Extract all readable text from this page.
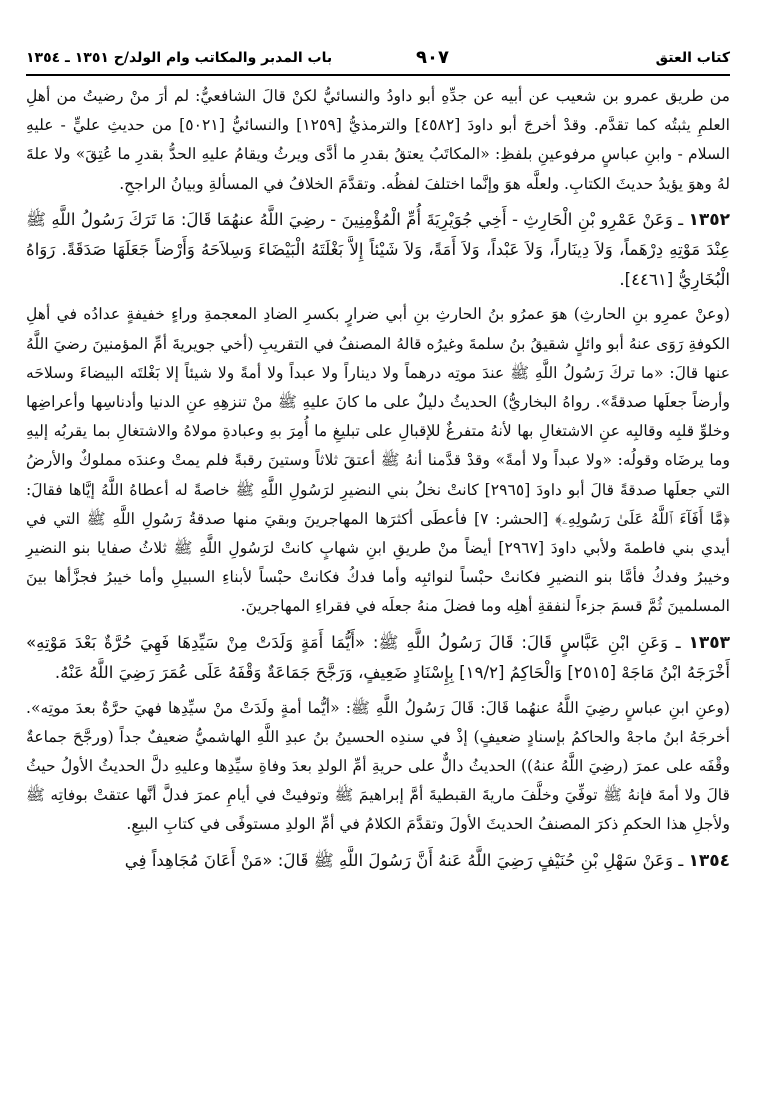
كتاب العتق
٩٠٧
باب المدبر والمكاتب وام الولد/ح ١٣٥١ ـ ١٣٥٤

من طريق عمرو بن شعيب عن أبيه عن جدِّهِ أبو داودُ والنسائيُّ لكنْ قالَ الشافعيُّ: لم أرَ منْ رضيتُ من أهلِ العلمِ يثبتُه كما تقدَّم. وقدْ أخرجَ أبو داودَ [٤٥٨٢] والترمذيُّ [١٢٥٩] والنسائيُّ [٥٠٢١] من حديثِ عليٍّ - عليهِ السلام - وابنِ عباسٍ مرفوعينِ بلفظِ: «المكاتَبُ يعتقُ بقدرِ ما أدَّى ويرثُ ويقامُ عليهِ الحدُّ بقدرِ ما عُتِقَ» ولا علةَ لهُ وهوَ يؤيدُ حديثَ الكتابِ. ولعلَّه هوَ وإنَّما اختلفَ لفظُه. وتقدَّمَ الخلافُ في المسألةِ وبيانُ الراجحِ.

١٣٥٢ ـ وَعَنْ عَمْرِو بْنِ الْحَارِثِ - أَخِي جُوَيْرِيَةَ أُمِّ الْمُؤْمِنِينَ - رضِيَ اللَّهُ عنهُمَا قَالَ: مَا تَرَكَ رَسُولُ اللَّهِ ﷺ عِنْدَ مَوْتِهِ دِرْهَماً، وَلاَ دِينَاراً، وَلاَ عَبْداً، وَلاَ أَمَةً، وَلاَ شَيْئاً إِلاَّ بَغْلَتَهُ الْبَيْضَاءَ وَسِلاَحَهُ وَأَرْضاً جَعَلَهَا صَدَقَةً. رَوَاهُ الْبُخَارِيُّ [٤٤٦١].

(وعنْ عمرِو بنِ الحارثِ) هوَ عمرُو بنُ الحارثِ بنِ أبي ضرارٍ بكسرِ الضادِ المعجمةِ وراءٍ خفيفةٍ عدادُه في أهلِ الكوفةِ رَوَى عنهُ أبو وائلٍ شقيقُ بنُ سلمةَ وغيرُه قالهُ المصنفُ في التقريبِ (أخي جويريةَ أمِّ المؤمنينَ رضيَ اللَّهُ عنها قالَ: «ما تركَ رَسُولُ اللَّهِ ﷺ عندَ موتِه درهماً ولا ديناراً ولا عبداً ولا أمةً ولا شيئاً إلا بَغْلتَه البيضاءَ وسلاحَه وأرضاً جعلَها صدقةً». رواهُ البخاريُّ) الحديثُ دليلٌ على ما كانَ عليهِ ﷺ منْ تنزهِهِ عنِ الدنيا وأدناسِها وأعراضِها وخلوِّ قلبِه وقالبِه عنِ الاشتغالِ بها لأنهُ متفرغٌ للإقبالِ على تبليغِ ما أُمِرَ بهِ وعبادةِ مولاهُ والاشتغالِ بما يقربُه إليهِ وما يرضَاه وقولُه: «ولا عبداً ولا أمةً» وقدْ قدَّمنا أنهُ ﷺ أعتقَ ثلاثاً وستينَ رقبةً فلم يمتْ وعندَه مملوكٌ والأرضُ التي جعلَها صدقةً قالَ أبو داودَ [٢٩٦٥] كانتْ نخلُ بني النضيرِ لرَسُولِ اللَّهِ ﷺ خاصةً له أعطاهُ اللَّهُ إيَّاها فقالَ: ﴿مَّا أَفَآءَ ٱللَّهُ عَلَىٰ رَسُولِهِۦ﴾ [الحشر: ٧] فأعطَى أكثرَها المهاجرينَ وبقيَ منها صدقةُ رَسُولِ اللَّهِ ﷺ التي في أيدي بني فاطمةَ ولأبي داودَ [٢٩٦٧] أيضاً منْ طريقِ ابنِ شهابٍ كانتْ لرَسُولِ اللَّهِ ﷺ ثلاثُ صفايا بنو النضيرِ وخيبرُ وفدكُ فأمَّا بنو النضيرِ فكانتْ حبْساً لنوائبِه وأما فدكُ فكانتْ حبْساً لأبناءِ السبيلِ وأما خيبرُ فجزَّأها بينَ المسلمينَ ثُمَّ قسمَ جزءاً لنفقةِ أهلِه وما فضلَ منهُ جعلَه في فقراءِ المهاجرينَ.

١٣٥٣ ـ وَعَنِ ابْنِ عَبَّاسٍ قَالَ: قَالَ رَسُولُ اللَّهِ ﷺ: «أَيُّمَا أَمَةٍ وَلَدَتْ مِنْ سَيِّدِهَا فَهِيَ حُرَّةٌ بَعْدَ مَوْتِهِ» أَخْرَجَهُ ابْنُ مَاجَهْ [٢٥١٥] وَالْحَاكِمُ [١٩/٢] بِإِسْنَادٍ ضَعِيفٍ، وَرَجَّحَ جَمَاعَةٌ وَقْفَهُ عَلَى عُمَرَ رَضِيَ اللَّهُ عَنْهُ.

(وعنِ ابنِ عباسٍ رضِيَ اللَّهُ عنهُما قَالَ: قَالَ رَسُولُ اللَّهِ ﷺ: «أيُّما أمةٍ ولَدَتْ منْ سيِّدِها فهيَ حرَّةٌ بعدَ موتِه». أخرجَهُ ابنُ ماجهْ والحاكمُ بإسنادٍ ضعيفٍ) إذْ في سندِه الحسينُ بنُ عبدِ اللَّهِ الهاشميُّ ضعيفٌ جداً (ورجَّحَ جماعةٌ وقْفَه على عمرَ (رضِيَ اللَّهُ عنهُ)) الحديثُ دالٌّ على حريةِ أمِّ الولدِ بعدَ وفاةِ سيِّدِها وعليهِ دلَّ الحديثُ الأولُ حيثُ قالَ ولا أمةَ فإنهُ ﷺ توفِّيَ وخلَّفَ ماريةَ القبطيةَ أمَّ إبراهيمَ ﷺ وتوفيتْ في أيامِ عمرَ فدلَّ أنَّها عتقتْ بوفاتِه ﷺ ولأجلِ هذا الحكمِ ذكرَ المصنفُ الحديثَ الأولَ وتقدَّمَ الكلامُ في أمِّ الولدِ مستوفًى في كتابِ البيعِ.

١٣٥٤ ـ وَعَنْ سَهْلِ بْنِ حُنَيْفٍ رَضِيَ اللَّهُ عَنهُ أَنَّ رَسُولَ اللَّهِ ﷺ قَالَ: «مَنْ أَعَانَ مُجَاهِداً فِي
